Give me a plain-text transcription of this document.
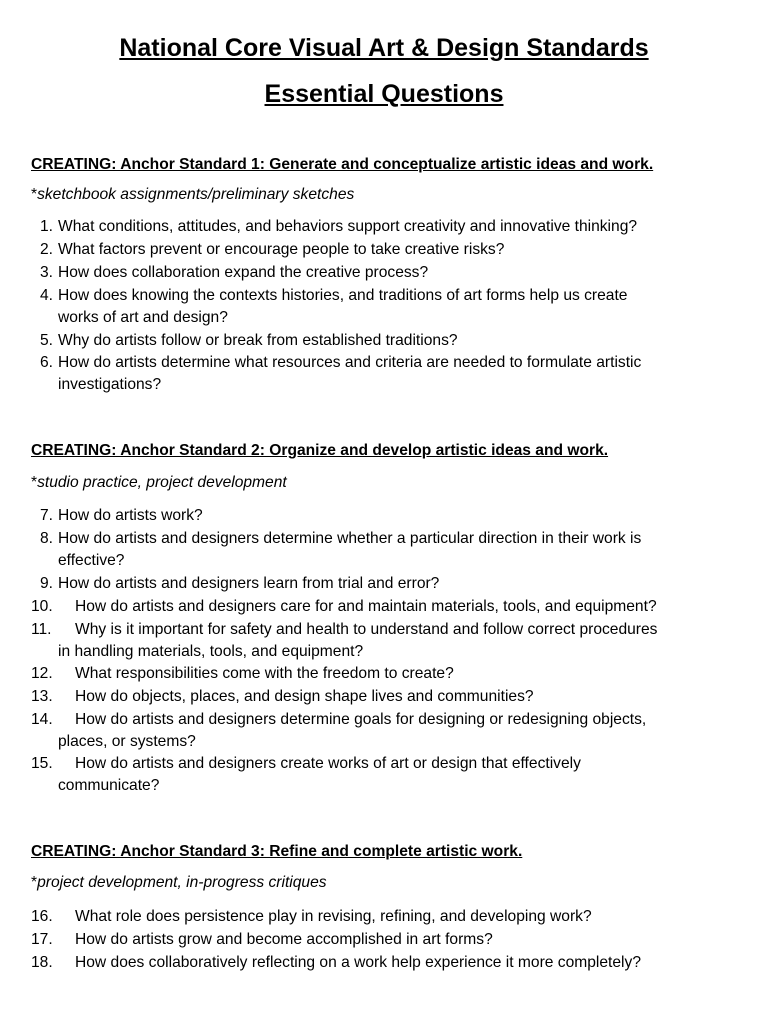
National Core Visual Art & Design Standards
Essential Questions
CREATING: Anchor Standard 1: Generate and conceptualize artistic ideas and work.
*sketchbook assignments/preliminary sketches
1. What conditions, attitudes, and behaviors support creativity and innovative thinking?
2. What factors prevent or encourage people to take creative risks?
3. How does collaboration expand the creative process?
4. How does knowing the contexts histories, and traditions of art forms help us create
works of art and design?
5. Why do artists follow or break from established traditions?
6. How do artists determine what resources and criteria are needed to formulate artistic
investigations?
CREATING: Anchor Standard 2: Organize and develop artistic ideas and work.
*studio practice, project development
7. How do artists work?
8. How do artists and designers determine whether a particular direction in their work is
effective?
9. How do artists and designers learn from trial and error?
10.	How do artists and designers care for and maintain materials, tools, and equipment?
11.	Why is it important for safety and health to understand and follow correct procedures
in handling materials, tools, and equipment?
12.	What responsibilities come with the freedom to create?
13.	How do objects, places, and design shape lives and communities?
14.	How do artists and designers determine goals for designing or redesigning objects,
places, or systems?
15.	How do artists and designers create works of art or design that effectively
communicate?
CREATING: Anchor Standard 3: Refine and complete artistic work.
*project development, in-progress critiques
16.	What role does persistence play in revising, refining, and developing work?
17.	How do artists grow and become accomplished in art forms?
18.	How does collaboratively reflecting on a work help experience it more completely?
